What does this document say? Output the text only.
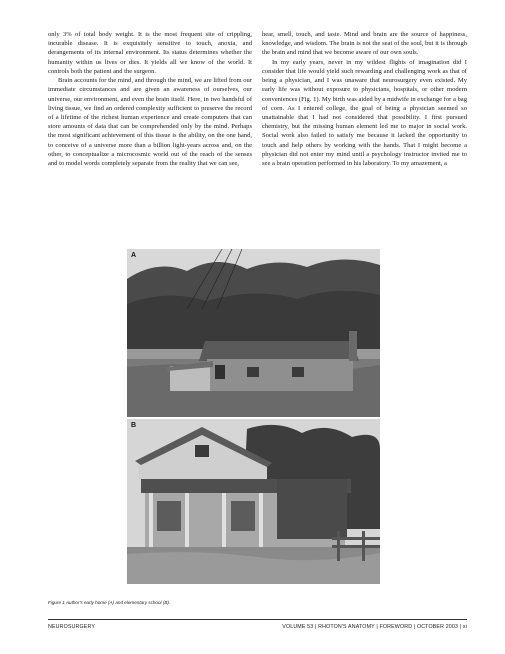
only 3% of total body weight. It is the most frequent site of crippling, incurable disease. It is exquisitely sensitive to touch, anoxia, and derangements of its internal environment. Its status determines whether the humanity within us lives or dies. It yields all we know of the world. It controls both the patient and the surgeon.

Brain accounts for the mind, and through the mind, we are lifted from our immediate circumstances and are given an awareness of ourselves, our universe, our environment, and even the brain itself. Here, in two handsful of living tissue, we find an ordered complexity sufficient to preserve the record of a lifetime of the richest human experience and create computers that can store amounts of data that can be comprehended only by the mind. Perhaps the most significant achievement of this tissue is the ability, on the one hand, to conceive of a universe more than a billion light-years across and, on the other, to conceptualize a microcosmic world out of the reach of the senses and to model words completely separate from the reality that we can see,

hear, smell, touch, and taste. Mind and brain are the source of happiness, knowledge, and wisdom. The brain is not the seat of the soul, but it is through the brain and mind that we become aware of our own souls.

In my early years, never in my wildest flights of imagination did I consider that life would yield such rewarding and challenging work as that of being a physician, and I was unaware that neurosurgery even existed. My early life was without exposure to physicians, hospitals, or other modern conveniences (Fig. 1). My birth was aided by a midwife in exchange for a bag of corn. As I entered college, the goal of being a physician seemed so unattainable that I had not considered that possibility. I first pursued chemistry, but the missing human element led me to major in social work. Social work also failed to satisfy me because it lacked the opportunity to touch and help others by working with the hands. That I might become a physician did not enter my mind until a psychology instructor invited me to see a brain operation performed in his laboratory. To my amazement, a

A
B
Figure 1 Author's early home (A) and elementary school (B).
NEUROSURGERY	VOLUME 53 | RHOTON'S ANATOMY | FOREWORD | OCTOBER 2003 | xi
